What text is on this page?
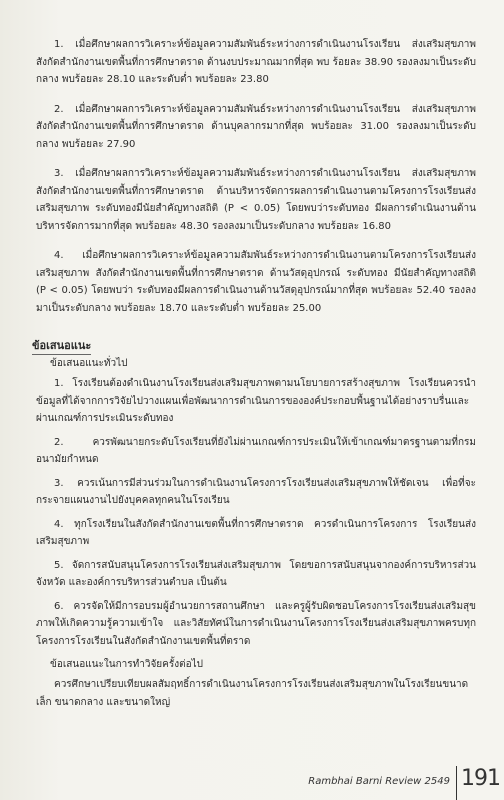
1. เมื่อศึกษาผลการวิเคราะห์ข้อมูลความสัมพันธ์ระหว่างการดำเนินงานโรงเรียน ส่งเสริมสุขภาพ สังกัดสำนักงานเขตพื้นที่การศึกษาตราด ด้านงบประมาณมากที่สุด พบ ร้อยละ 38.90 รองลงมาเป็นระดับกลาง พบร้อยละ 28.10 และระดับต่ำ พบร้อยละ 23.80

2. เมื่อศึกษาผลการวิเคราะห์ข้อมูลความสัมพันธ์ระหว่างการดำเนินงานโรงเรียน ส่งเสริมสุขภาพ สังกัดสำนักงานเขตพื้นที่การศึกษาตราด ด้านบุคลากรมากที่สุด พบร้อยละ 31.00 รองลงมาเป็นระดับกลาง พบร้อยละ 27.90

3. เมื่อศึกษาผลการวิเคราะห์ข้อมูลความสัมพันธ์ระหว่างการดำเนินงานโรงเรียน ส่งเสริมสุขภาพ สังกัดสำนักงานเขตพื้นที่การศึกษาตราด ด้านบริหารจัดการผลการดำเนินงานตามโครงการโรงเรียนส่งเสริมสุขภาพ ระดับทองมีนัยสำคัญทางสถิติ (P < 0.05) โดยพบว่าระดับทอง มีผลการดำเนินงานด้านบริหารจัดการมากที่สุด พบร้อยละ 48.30 รองลงมาเป็นระดับกลาง พบร้อยละ 16.80

4. เมื่อศึกษาผลการวิเคราะห์ข้อมูลความสัมพันธ์ระหว่างการดำเนินงานตามโครงการโรงเรียนส่งเสริมสุขภาพ สังกัดสำนักงานเขตพื้นที่การศึกษาตราด ด้านวัสดุอุปกรณ์ ระดับทอง มีนัยสำคัญทางสถิติ (P < 0.05) โดยพบว่า ระดับทองมีผลการดำเนินงานด้านวัสดุอุปกรณ์มากที่สุด พบร้อยละ 52.40 รองลงมาเป็นระดับกลาง พบร้อยละ 18.70 และระดับต่ำ พบร้อยละ 25.00

ข้อเสนอแนะ
ข้อเสนอแนะทั่วไป

1. โรงเรียนต้องดำเนินงานโรงเรียนส่งเสริมสุขภาพตามนโยบายการสร้างสุขภาพ โรงเรียนควรนำข้อมูลที่ได้จากการวิจัยไปวางแผนเพื่อพัฒนาการดำเนินการขององค์ประกอบพื้นฐานได้อย่างราบรื่นและผ่านเกณฑ์การประเมินระดับทอง

2. ควรพัฒนายกระดับโรงเรียนที่ยังไม่ผ่านเกณฑ์การประเมินให้เข้าเกณฑ์มาตรฐานตามที่กรมอนามัยกำหนด

3. ควรเน้นการมีส่วนร่วมในการดำเนินงานโครงการโรงเรียนส่งเสริมสุขภาพให้ชัดเจน เพื่อที่จะกระจายแผนงานไปยังบุคคลทุกคนในโรงเรียน

4. ทุกโรงเรียนในสังกัดสำนักงานเขตพื้นที่การศึกษาตราด ควรดำเนินการโครงการ โรงเรียนส่งเสริมสุขภาพ

5. จัดการสนับสนุนโครงการโรงเรียนส่งเสริมสุขภาพ โดยขอการสนับสนุนจากองค์การบริหารส่วนจังหวัด และองค์การบริหารส่วนตำบล เป็นต้น

6. ควรจัดให้มีการอบรมผู้อำนวยการสถานศึกษา และครูผู้รับผิดชอบโครงการโรงเรียนส่งเสริมสุขภาพให้เกิดความรู้ความเข้าใจ และวิสัยทัศน์ในการดำเนินงานโครงการโรงเรียนส่งเสริมสุขภาพครบทุกโครงการโรงเรียนในสังกัดสำนักงานเขตพื้นที่ตราด

ข้อเสนอแนะในการทำวิจัยครั้งต่อไป

ควรศึกษาเปรียบเทียบผลสัมฤทธิ์การดำเนินงานโครงการโรงเรียนส่งเสริมสุขภาพในโรงเรียนขนาดเล็ก ขนาดกลาง และขนาดใหญ่

Rambhai Barni Review 2549 191
